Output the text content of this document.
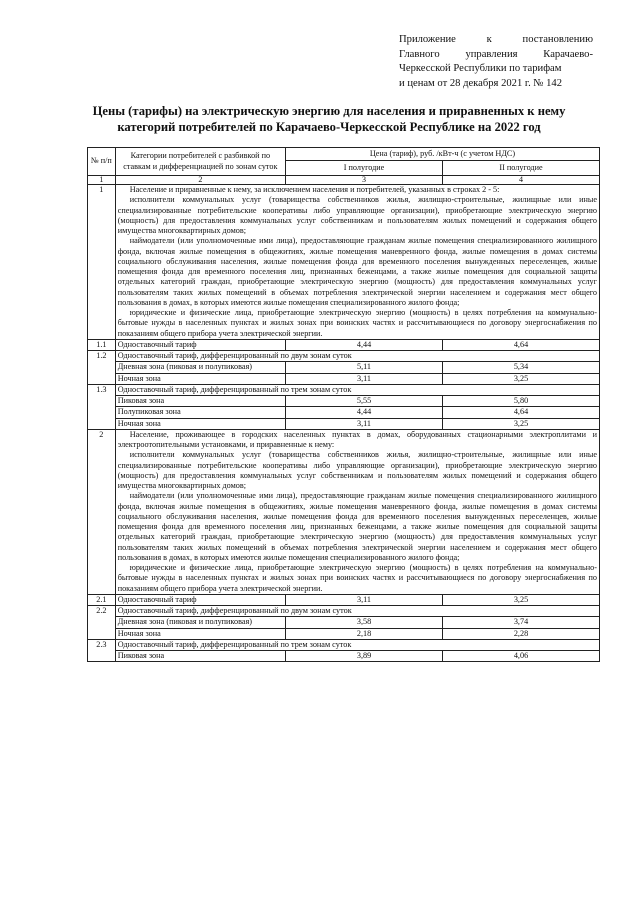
Приложение к постановлению
Главного управления Карачаево-
Черкесской Республики по тарифам
и ценам от 28 декабря 2021 г. № 142
Цены (тарифы) на электрическую энергию для населения и приравненных к нему
категорий потребителей по Карачаево-Черкесской Республике на 2022 год
№ п/п	Категории потребителей с разбивкой по ставкам и дифференциацией по зонам суток	Цена (тариф), руб. /кВт-ч (с учетом НДС)	
		I полугодие	II полугодие
1	2	3	4
1	Население и приравненные к нему, за исключением населения и потребителей, указанных в строках 2 - 5:

исполнители коммунальных услуг (товарищества собственников жилья, жилищно-строительные, жилищные или иные специализированные потребительские кооперативы либо управляющие организации), приобретающие электрическую энергию (мощность) для предоставления коммунальных услуг собственникам и пользователям жилых помещений и содержания общего имущества многоквартирных домов;

наймодатели (или уполномоченные ими лица), предоставляющие гражданам жилые помещения специализированного жилищного фонда, включая жилые помещения в общежитиях, жилые помещения маневренного фонда, жилые помещения в домах системы социального обслуживания населения, жилые помещения фонда для временного поселения вынужденных переселенцев, жилые помещения фонда для временного поселения лиц, признанных беженцами, а также жилые помещения для социальной защиты отдельных категорий граждан, приобретающие электрическую энергию (мощность) для предоставления коммунальных услуг пользователям таких жилых помещений в объемах потребления электрической энергии населением и содержания мест общего пользования в домах, в которых имеются жилые помещения специализированного жилого фонда;

юридические и физические лица, приобретающие электрическую энергию (мощность) в целях потребления на коммунально-бытовые нужды в населенных пунктах и жилых зонах при воинских частях и рассчитывающиеся по договору энергоснабжения по показаниям общего прибора учета электрической энергии.		

1.1	Одноставочный тариф	4,44	4,64
1.2	Одноставочный тариф, дифференцированный по двум зонам суток		
	Дневная зона (пиковая и полупиковая)	5,11	5,34
	Ночная зона	3,11	3,25
1.3	Одноставочный тариф, дифференцированный по трем зонам суток		
	Пиковая зона	5,55	5,80
	Полупиковая зона	4,44	4,64
	Ночная зона	3,11	3,25
2	Население, проживающее в городских населенных пунктах в домах, оборудованных стационарными электроплитами и электроотопительными установками, и приравненные к нему:

исполнители коммунальных услуг (товарищества собственников жилья, жилищно-строительные, жилищные или иные специализированные потребительские кооперативы либо управляющие организации), приобретающие электрическую энергию (мощность) для предоставления коммунальных услуг собственникам и пользователям жилых помещений и содержания общего имущества многоквартирных домов;

наймодатели (или уполномоченные ими лица), предоставляющие гражданам жилые помещения специализированного жилищного фонда, включая жилые помещения в общежитиях, жилые помещения маневренного фонда, жилые помещения в домах системы социального обслуживания населения, жилые помещения фонда для временного поселения вынужденных переселенцев, жилые помещения фонда для временного поселения лиц, признанных беженцами, а также жилые помещения для социальной защиты отдельных категорий граждан, приобретающие электрическую энергию (мощность) для предоставления коммунальных услуг пользователям таких жилых помещений в объемах потребления электрической энергии населением и содержания мест общего пользования в домах, в которых имеются жилые помещения специализированного жилого фонда;

юридические и физические лица, приобретающие электрическую энергию (мощность) в целях потребления на коммунально-бытовые нужды в населенных пунктах и жилых зонах при воинских частях и рассчитывающиеся по договору энергоснабжения по показаниям общего прибора учета электрической энергии.		

2.1	Одноставочный тариф	3,11	3,25
2.2	Одноставочный тариф, дифференцированный по двум зонам суток		
	Дневная зона (пиковая и полупиковая)	3,58	3,74
	Ночная зона	2,18	2,28
2.3	Одноставочный тариф, дифференцированный по трем зонам суток		
	Пиковая зона	3,89	4,06
